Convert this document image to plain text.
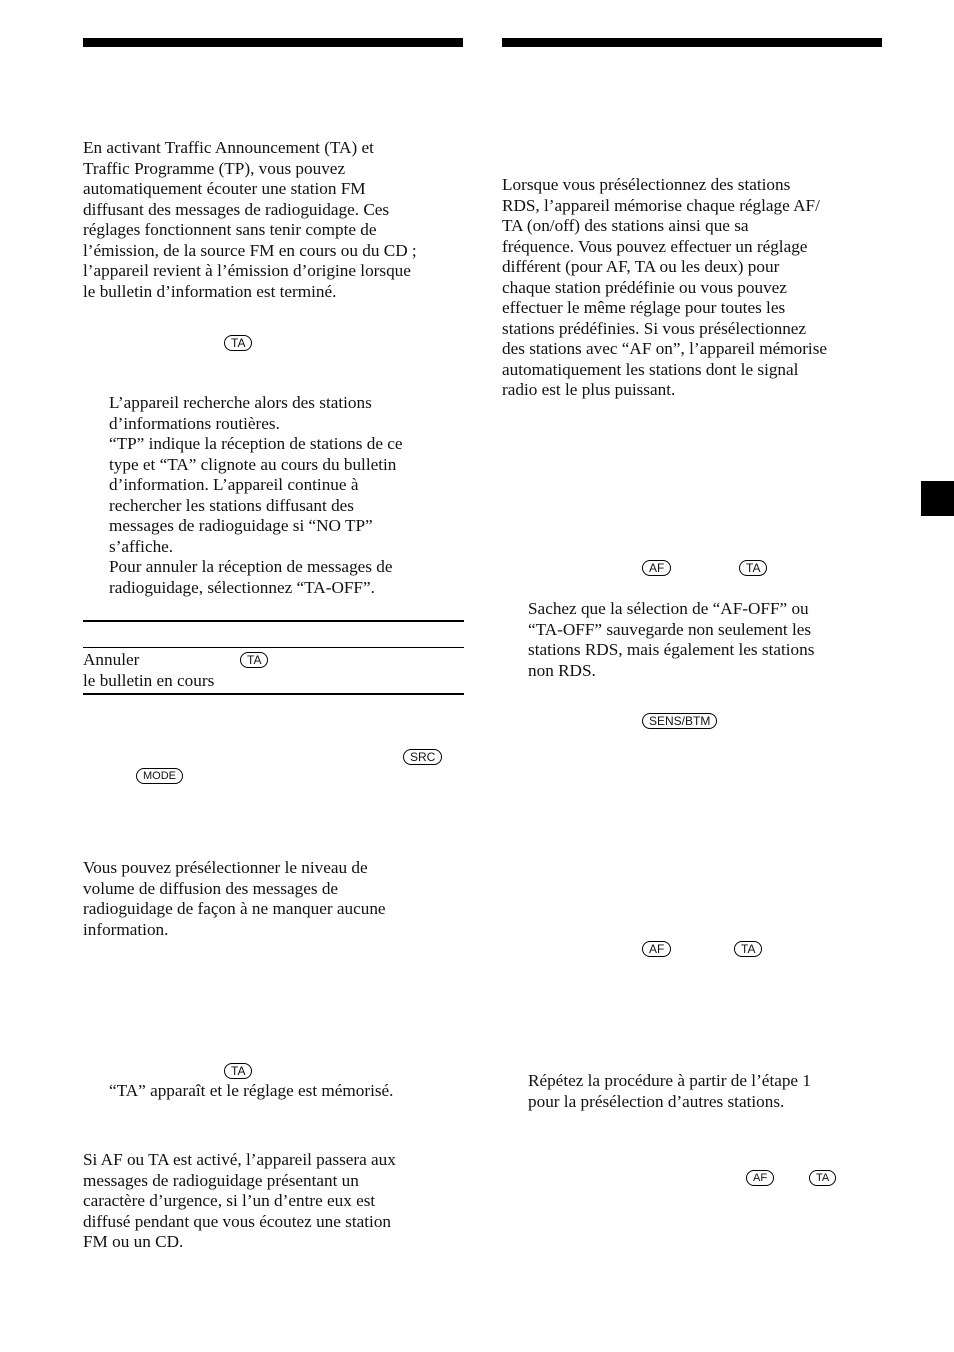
En activant Traffic Announcement (TA) et
Traffic Programme (TP), vous pouvez
automatiquement écouter une station FM
diffusant des messages de radioguidage. Ces
réglages fonctionnent sans tenir compte de
l’émission, de la source FM en cours ou du CD ;
l’appareil revient à l’émission d’origine lorsque
le bulletin d’information est terminé.

TA

L’appareil recherche alors des stations
d’informations routières.
“TP” indique la réception de stations de ce
type et “TA” clignote au cours du bulletin
d’information. L’appareil continue à
rechercher les stations diffusant des
messages de radioguidage si “NO TP”
s’affiche.
Pour annuler la réception de messages de
radioguidage, sélectionnez “TA-OFF”.

Annuler
le bulletin en cours

TA
SRC
MODE

Vous pouvez présélectionner le niveau de
volume de diffusion des messages de
radioguidage de façon à ne manquer aucune
information.

TA

“TA” apparaît et le réglage est mémorisé.

Si AF ou TA est activé, l’appareil passera aux
messages de radioguidage présentant un
caractère d’urgence, si l’un d’entre eux est
diffusé pendant que vous écoutez une station
FM ou un CD.

Lorsque vous présélectionnez des stations
RDS, l’appareil mémorise chaque réglage AF/
TA (on/off) des stations ainsi que sa
fréquence. Vous pouvez effectuer un réglage
différent (pour AF, TA ou les deux) pour
chaque station prédéfinie ou vous pouvez
effectuer le même réglage pour toutes les
stations prédéfinies. Si vous présélectionnez
des stations avec “AF on”, l’appareil mémorise
automatiquement les stations dont le signal
radio est le plus puissant.

AF	TA

Sachez que la sélection de “AF-OFF” ou
“TA-OFF” sauvegarde non seulement les
stations RDS, mais également les stations
non RDS.

SENS/BTM
AF	TA

Répétez la procédure à partir de l’étape 1
pour la présélection d’autres stations.

AF	TA
